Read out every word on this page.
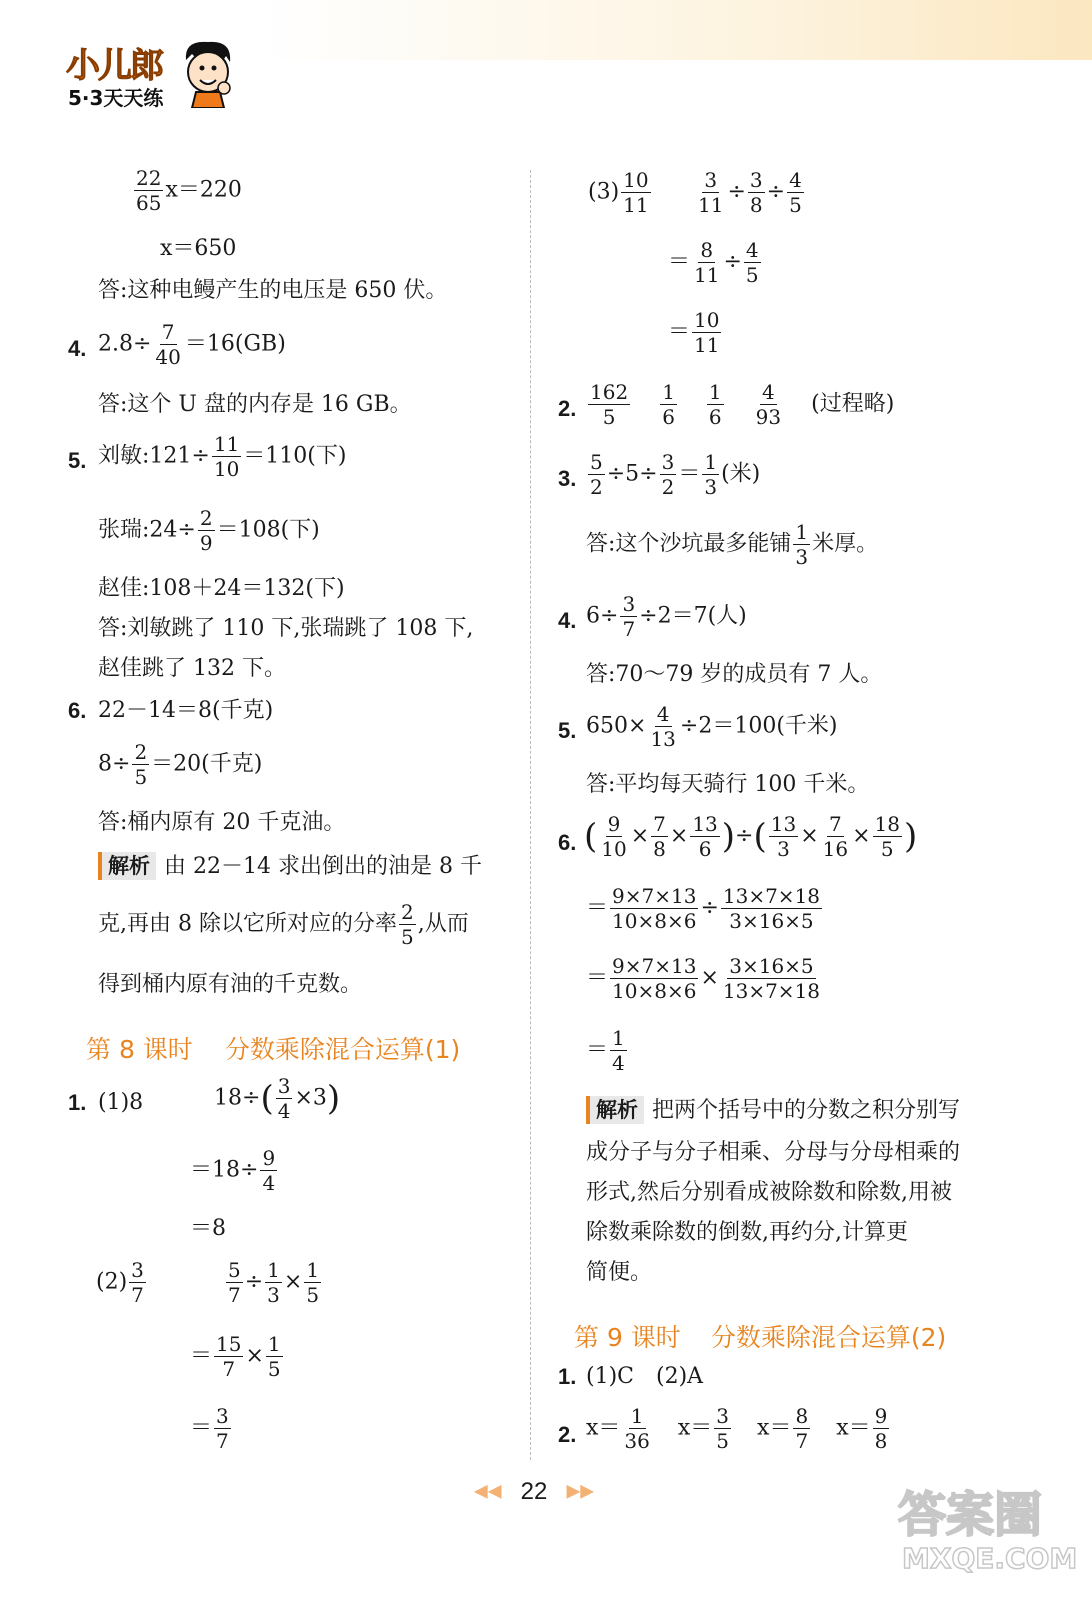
小儿郎
5·3天天练
$\frac{22}{65} x=220$
x＝650
答:这种电鳗产生的电压是 650 伏。
4. $2.8\div \frac{7}{40} =16(GB)$
答:这个 U 盘的内存是 16 GB。
5. 刘敏:121÷ $\frac{11}{10} =110$(下)
张瑞:24÷ $\frac{2}{9} =108$(下)
赵佳:108＋24＝132(下)
答:刘敏跳了 110 下,张瑞跳了 108 下,
赵佳跳了 132 下。
6. 22－14＝8(千克)
$8\div \frac{2}{5} =20$(千克)
答:桶内原有 20 千克油。
解析 由 22－14 求出倒出的油是 8 千
克,再由 8 除以它所对应的分率 $\frac{2}{5}$ ,从而
得到桶内原有油的千克数。
第 8 课时 分数乘除混合运算(1)
1. (1)8	$18\div( \frac{3}{4} \times 3)$
$=18\div \frac{9}{4}$
＝8
$(2) \frac{3}{7}$	$\frac{5}{7} \div \frac{1}{3} \times \frac{1}{5}$
＝ $\frac{15}{7} \times \frac{1}{5}$
＝ $\frac{3}{7}$
$(3) \frac{10}{11} \frac{3}{11} \div \frac{3}{8} \div \frac{4}{5}$
＝ $\frac{8}{11} \div \frac{4}{5}$
＝ $\frac{10}{11}$
2. $\frac{162}{5} \frac{1}{6} \frac{1}{6} \frac{4}{93}$ (过程略)
3. $\frac{5}{2} \div 5\div \frac{3}{2} = \frac{1}{3}$ (米)
答:这个沙坑最多能铺 $\frac{1}{3}$ 米厚。
4. $6\div \frac{3}{7} \div 2=7$(人)
答:70～79 岁的成员有 7 人。
5. $650\times \frac{4}{13} \div 2=100$(千米)
答:平均每天骑行 100 千米。
6. ( $\frac{9}{10} \times \frac{7}{8} \times \frac{13}{6}$ )÷( $\frac{13}{3} \times \frac{7}{16} \times \frac{18}{5}$ )
＝ $\frac{9\times 7\times 13}{10\times 8\times 6} \div \frac{13\times 7\times 18}{3\times 16\times 5}$
＝ $\frac{9\times 7\times 13}{10\times 8\times 6} \times \frac{3\times 16\times 5}{13\times 7\times 18}$
＝ $\frac{1}{4}$
解析 把两个括号中的分数之积分别写
成分子与分子相乘、分母与分母相乘的
形式,然后分别看成被除数和除数,用被
除数乘除数的倒数,再约分,计算更
简便。
第 9 课时 分数乘除混合运算(2)
1. (1)C　(2)A
2. $x= \frac{1}{36} x= \frac{3}{5} x= \frac{8}{7} x= \frac{9}{8}$
◀◀ 22 ▶▶	答案圈
MXQE.COM
